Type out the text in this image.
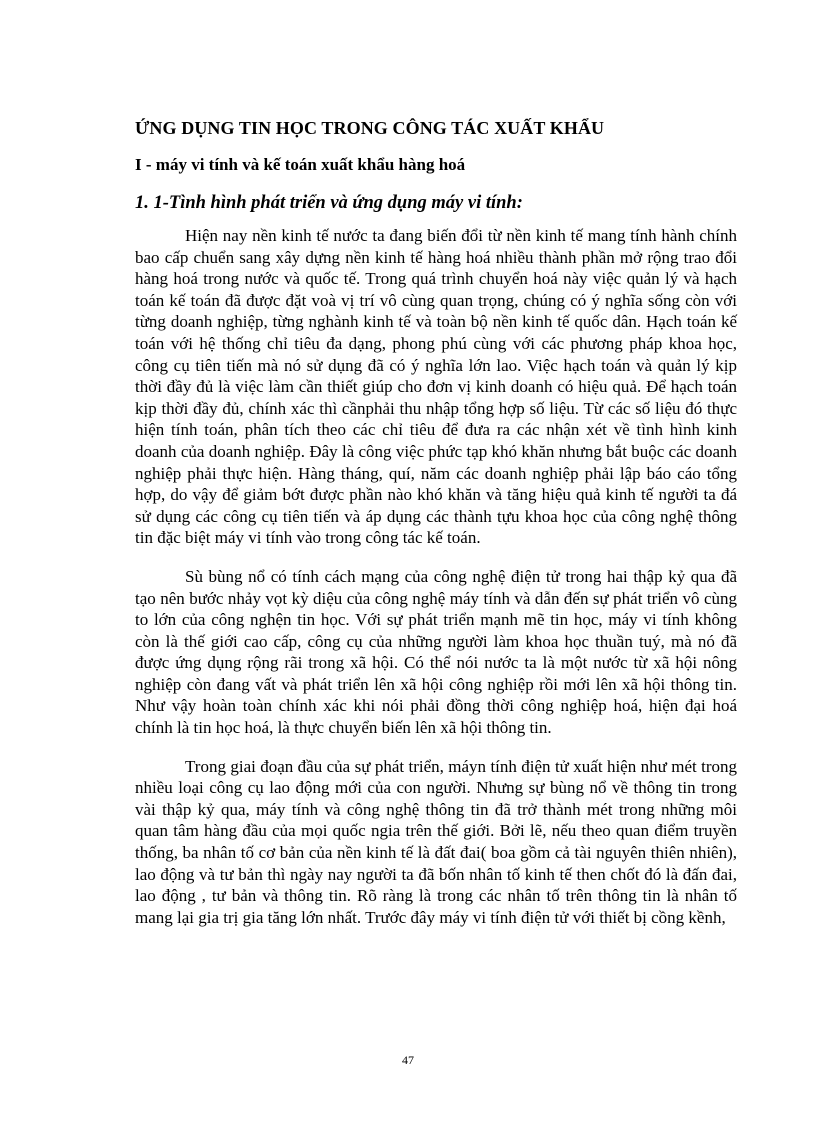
ỨNG DỤNG TIN HỌC TRONG CÔNG TÁC XUẤT KHẨU
I - máy vi tính và kế toán xuất khẩu hàng hoá
1. 1-Tình hình phát triển và ứng dụng máy vi tính:

Hiện nay nền kinh tế nước ta đang biến đổi từ nền kinh tế mang tính hành chính bao cấp chuển sang xây dựng nền kinh tế hàng hoá nhiều thành phần mở rộng trao đổi hàng hoá trong nước và quốc tế. Trong quá trình chuyển hoá này việc quản lý và hạch toán kế toán đã được đặt voà vị trí vô cùng quan trọng, chúng có ý nghĩa sống còn với từng doanh nghiệp, từng nghành kinh tế và toàn bộ nền kinh tế quốc dân. Hạch toán kế toán với hệ thống chỉ tiêu đa dạng, phong phú cùng với các phương pháp khoa học, công cụ tiên tiến mà nó sử dụng đã có ý nghĩa lớn lao. Việc hạch toán và quản lý kịp thời đầy đủ là việc làm cần thiết giúp cho đơn vị kinh doanh có hiệu quả. Để hạch toán kịp thời đầy đủ, chính xác thì cầnphải thu nhập tổng hợp số liệu. Từ các số liệu đó thực hiện tính toán, phân tích theo các chỉ tiêu để đưa ra các nhận xét về tình hình kinh doanh của doanh nghiệp. Đây là công việc phức tạp khó khăn nhưng bắt buộc các doanh nghiệp phải thực hiện. Hàng tháng, quí, năm các doanh nghiệp phải lập báo cáo tổng hợp, do vậy để giảm bớt được phần nào khó khăn và tăng hiệu quả kinh tế người ta đá sử dụng các công cụ tiên tiến và áp dụng các thành tựu khoa học của công nghệ thông tin đặc biệt máy vi tính vào trong công tác kế toán.

Sù bùng nổ có tính cách mạng của công nghệ điện tử trong hai thập kỷ qua đã tạo nên bước nhảy vọt kỳ diệu của công nghệ máy tính và dẫn đến sự phát triển vô cùng to lớn của công nghện tin học. Với sự phát triển mạnh mẽ tin học, máy vi tính không còn là thế giới cao cấp, công cụ của những người làm khoa học thuần tuý, mà nó đã được ứng dụng rộng rãi trong xã hội. Có thể nói nước ta là một nước từ xã hội nông nghiệp còn đang vất và phát triển lên xã hội công nghiệp rồi mới lên xã hội thông tin. Như vậy hoàn toàn chính xác khi nói phải đồng thời công nghiệp hoá, hiện đại hoá chính là tin học hoá, là thực chuyển biến lên xã hội thông tin.

Trong giai đoạn đầu của sự phát triển, máyn tính điện tử xuất hiện như mét trong nhiều loại công cụ lao động mới của con người. Nhưng sự bùng nổ về thông tin trong vài thập kỷ qua, máy tính và công nghệ thông tin đã trở thành mét trong những môi quan tâm hàng đầu của mọi quốc ngia trên thế giới. Bởi lẽ, nếu theo quan điểm truyền thống, ba nhân tố cơ bản của nền kinh tế là đất đai( boa gồm cả tài nguyên thiên nhiên), lao động và tư bản thì ngày nay người ta đã bốn nhân tố kinh tế then chốt đó là đấn đai, lao động , tư bản và thông tin. Rõ ràng là trong các nhân tố trên thông tin là nhân tố mang lại gia trị gia tăng lớn nhất. Trước đây máy vi tính điện tử với thiết bị cồng kềnh,

47
